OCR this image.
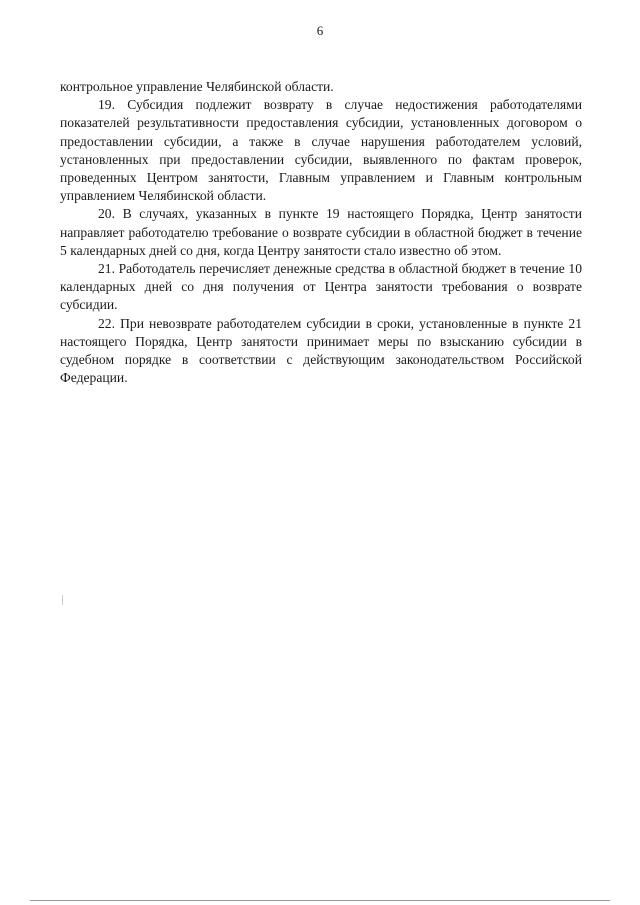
6

контрольное управление Челябинской области.

19. Субсидия подлежит возврату в случае недостижения работодателями показателей результативности предоставления субсидии, установленных договором о предоставлении субсидии, а также в случае нарушения работодателем условий, установленных при предоставлении субсидии, выявленного по фактам проверок, проведенных Центром занятости, Главным управлением и Главным контрольным управлением Челябинской области.

20. В случаях, указанных в пункте 19 настоящего Порядка, Центр занятости направляет работодателю требование о возврате субсидии в областной бюджет в течение 5 календарных дней со дня, когда Центру занятости стало известно об этом.

21. Работодатель перечисляет денежные средства в областной бюджет в течение 10 календарных дней со дня получения от Центра занятости требования о возврате субсидии.

22. При невозврате работодателем субсидии в сроки, установленные в пункте 21 настоящего Порядка, Центр занятости принимает меры по взысканию субсидии в судебном порядке в соответствии с действующим законодательством Российской Федерации.
